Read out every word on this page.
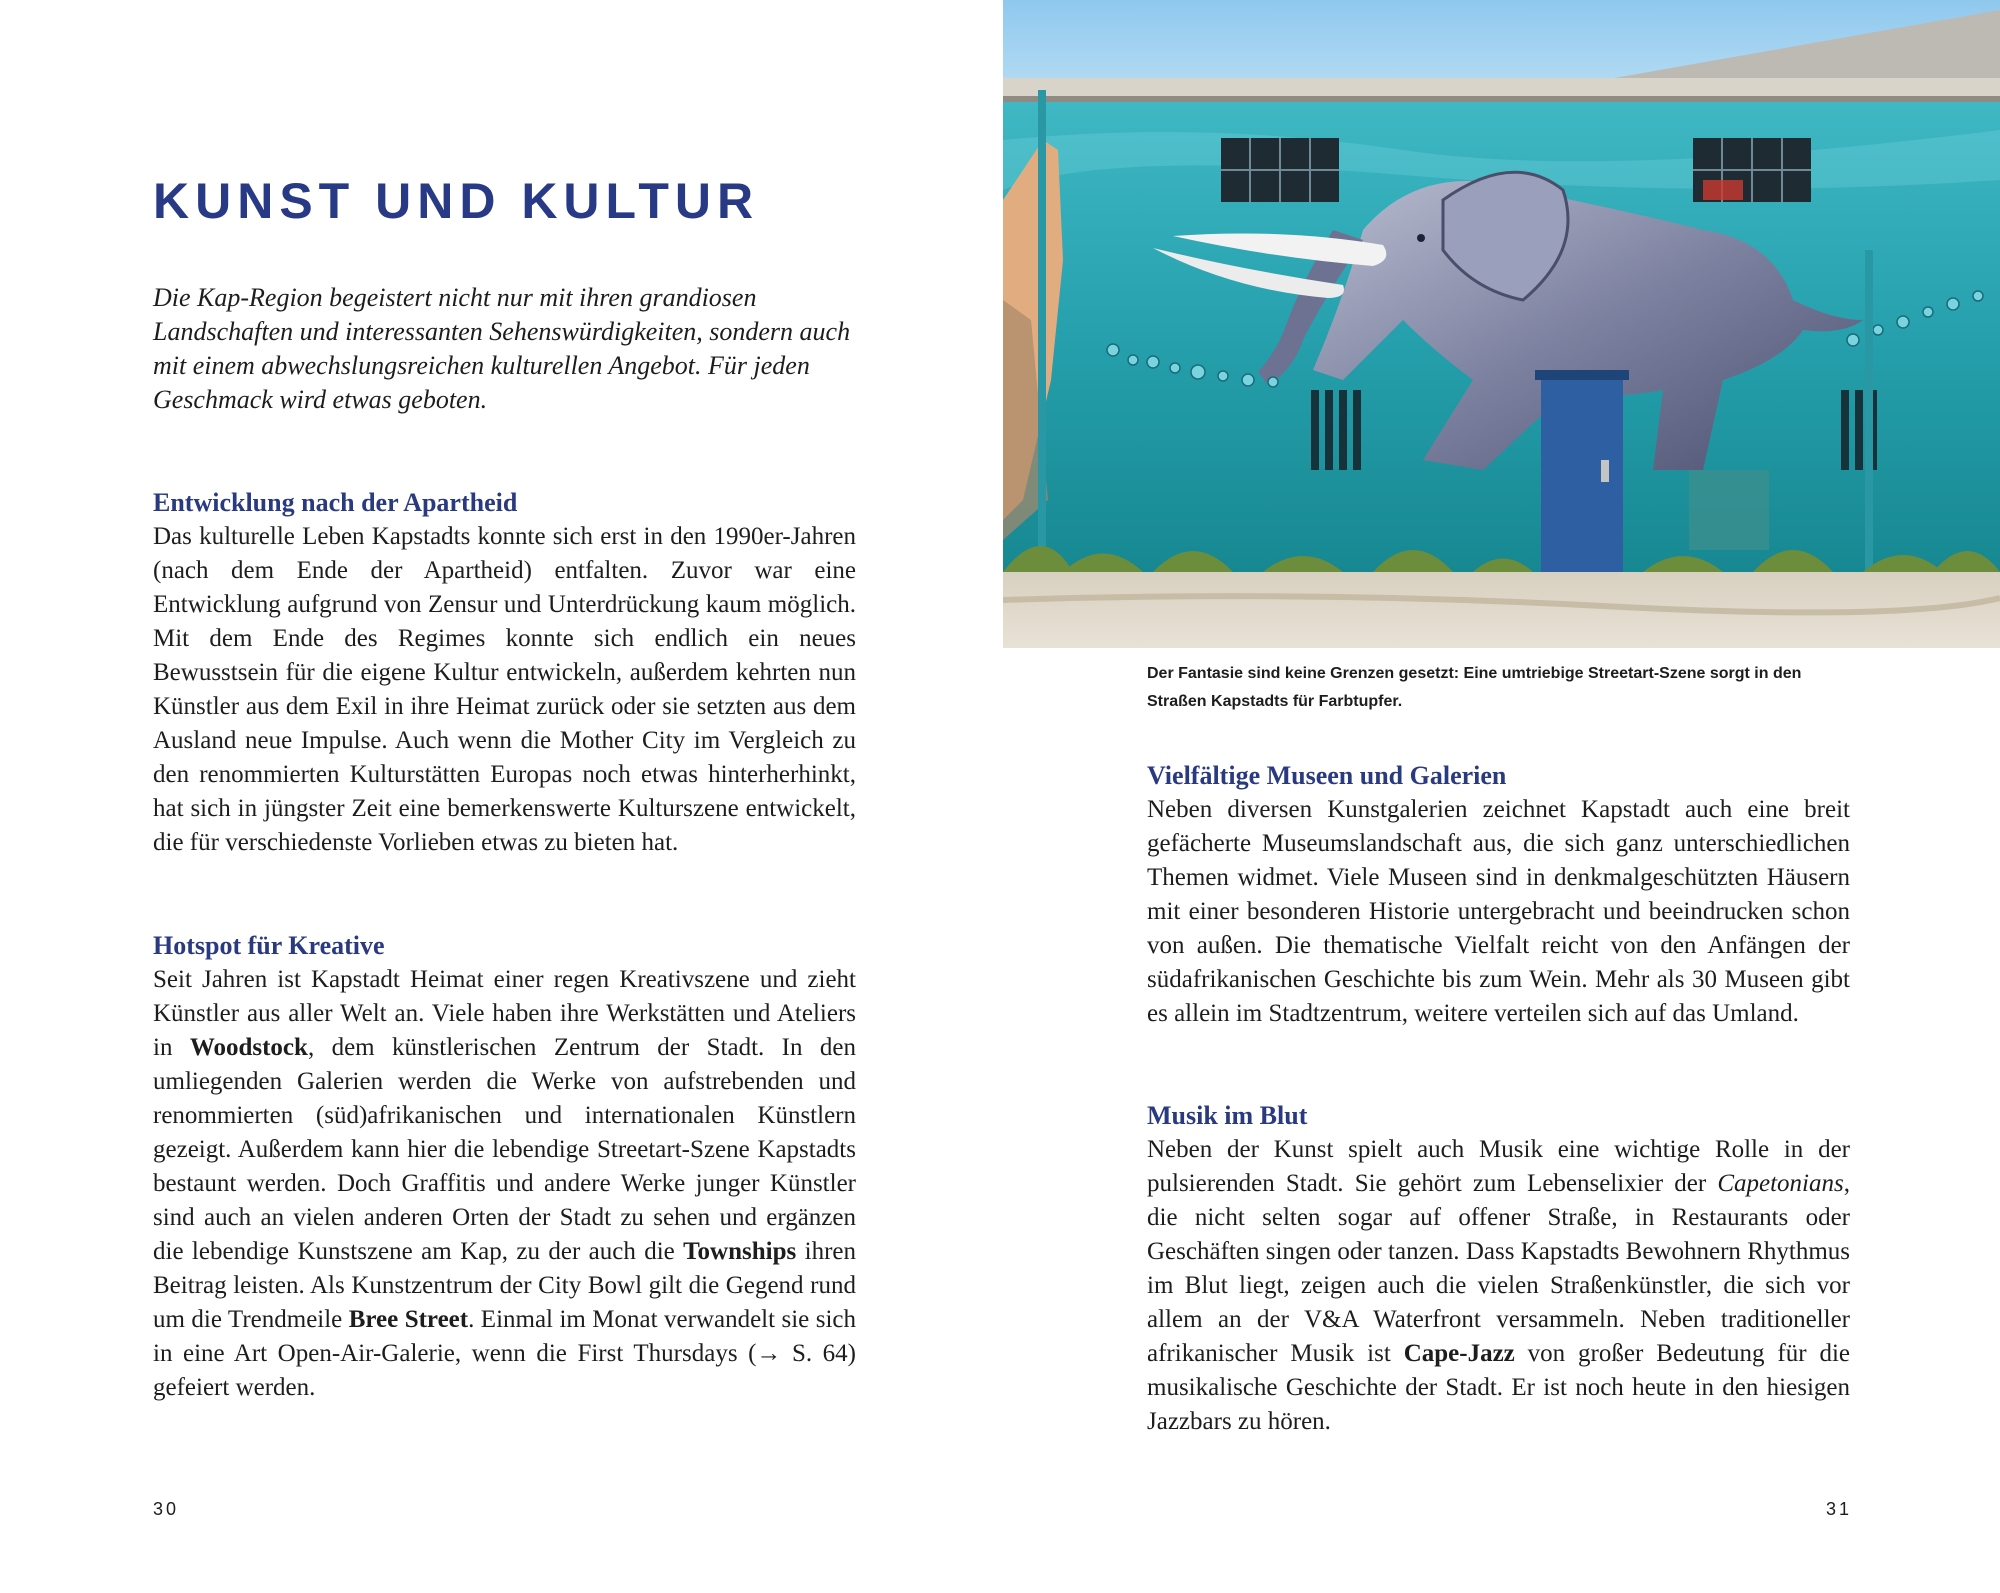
KUNST UND KULTUR

Die Kap-Region begeistert nicht nur mit ihren grandiosen Landschaften und interessanten Sehenswürdigkeiten, sondern auch mit einem abwechslungsreichen kulturellen Angebot. Für jeden Geschmack wird etwas geboten.

Entwicklung nach der Apartheid

Das kulturelle Leben Kapstadts konnte sich erst in den 1990er-Jahren (nach dem Ende der Apartheid) entfalten. Zuvor war eine Entwicklung aufgrund von Zensur und Unterdrückung kaum möglich. Mit dem Ende des Regimes konnte sich endlich ein neues Bewusstsein für die eigene Kultur entwickeln, außerdem kehrten nun Künstler aus dem Exil in ihre Heimat zurück oder sie setzten aus dem Ausland neue Impulse. Auch wenn die Mother City im Vergleich zu den renommierten Kulturstätten Europas noch etwas hinterherhinkt, hat sich in jüngster Zeit eine bemerkenswerte Kulturszene entwickelt, die für verschiedenste Vorlieben etwas zu bieten hat.

Hotspot für Kreative

Seit Jahren ist Kapstadt Heimat einer regen Kreativszene und zieht Künstler aus aller Welt an. Viele haben ihre Werkstätten und Ateliers in Woodstock, dem künstlerischen Zentrum der Stadt. In den umliegenden Galerien werden die Werke von aufstrebenden und renommierten (süd)afrikanischen und internationalen Künstlern gezeigt. Außerdem kann hier die lebendige Streetart-Szene Kapstadts bestaunt werden. Doch Graffitis und andere Werke junger Künstler sind auch an vielen anderen Orten der Stadt zu sehen und ergänzen die lebendige Kunstszene am Kap, zu der auch die Townships ihren Beitrag leisten. Als Kunstzentrum der City Bowl gilt die Gegend rund um die Trendmeile Bree Street. Einmal im Monat verwandelt sie sich in eine Art Open-Air-Galerie, wenn die First Thursdays (→ S. 64) gefeiert werden.

30

Der Fantasie sind keine Grenzen gesetzt: Eine umtriebige Streetart-Szene sorgt in den Straßen Kapstadts für Farbtupfer.

Vielfältige Museen und Galerien

Neben diversen Kunstgalerien zeichnet Kapstadt auch eine breit gefächerte Museumslandschaft aus, die sich ganz unterschiedlichen Themen widmet. Viele Museen sind in denkmalgeschützten Häusern mit einer besonderen Historie untergebracht und beeindrucken schon von außen. Die thematische Vielfalt reicht von den Anfängen der südafrikanischen Geschichte bis zum Wein. Mehr als 30 Museen gibt es allein im Stadtzentrum, weitere verteilen sich auf das Umland.

Musik im Blut

Neben der Kunst spielt auch Musik eine wichtige Rolle in der pulsierenden Stadt. Sie gehört zum Lebenselixier der Capetonians, die nicht selten sogar auf offener Straße, in Restaurants oder Geschäften singen oder tanzen. Dass Kapstadts Bewohnern Rhythmus im Blut liegt, zeigen auch die vielen Straßenkünstler, die sich vor allem an der V&A Waterfront versammeln. Neben traditioneller afrikanischer Musik ist Cape-Jazz von großer Bedeutung für die musikalische Geschichte der Stadt. Er ist noch heute in den hiesigen Jazzbars zu hören.

31
